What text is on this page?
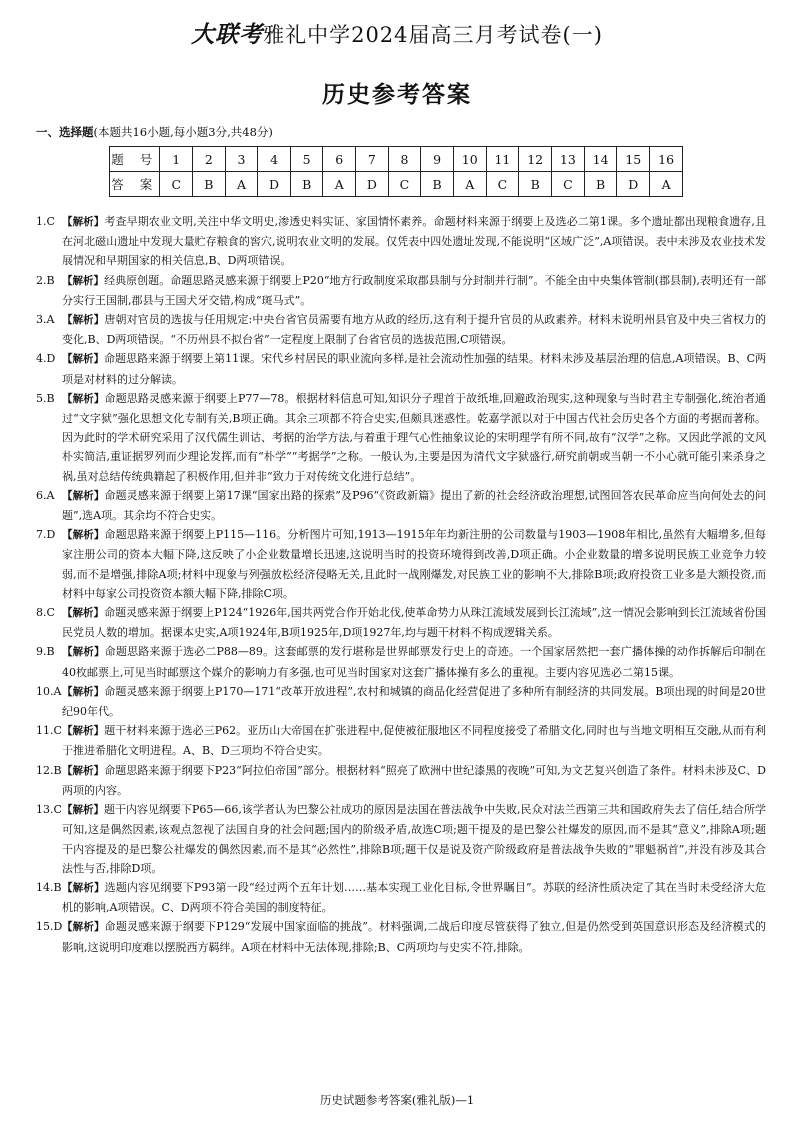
大联考雅礼中学2024届高三月考试卷(一)
历史参考答案
一、选择题(本题共16小题,每小题3分,共48分)
题 号	1	2	3	4	5	6	7	8	9	10	11	12	13	14	15	16
答 案	C	B	A	D	B	A	D	C	B	A	C	B	C	B	D	A
1.C 【解析】考查早期农业文明,关注中华文明史,渗透史料实证、家国情怀素养。命题材料来源于纲要上及选必二第1课。多个遗址都出现粮食遗存,且在河北磁山遗址中发现大量贮存粮食的窖穴,说明农业文明的发展。仅凭表中四处遗址发现,不能说明“区域广泛”,A项错误。表中未涉及农业技术发展情况和早期国家的相关信息,B、D两项错误。
2.B 【解析】经典原创题。命题思路灵感来源于纲要上P20“地方行政制度采取郡县制与分封制并行制”。不能全由中央集体管制(郡县制),表明还有一部分实行王国制,郡县与王国犬牙交错,构成“斑马式”。
3.A 【解析】唐朝对官员的选拔与任用规定:中央台省官员需要有地方从政的经历,这有利于提升官员的从政素养。材料未说明州县官及中央三省权力的变化,B、D两项错误。“不历州县不拟台省”一定程度上限制了台省官员的选拔范围,C项错误。
4.D 【解析】命题思路来源于纲要上第11课。宋代乡村居民的职业流向多样,是社会流动性加强的结果。材料未涉及基层治理的信息,A项错误。B、C两项是对材料的过分解读。
5.B 【解析】命题思路灵感来源于纲要上P77—78。根据材料信息可知,知识分子理首于故纸堆,回避政治现实,这种现象与当时君主专制强化,统治者通过“文字狱”强化思想文化专制有关,B项正确。其余三项都不符合史实,但颇具迷惑性。乾嘉学派以对于中国古代社会历史各个方面的考据而著称。因为此时的学术研究采用了汉代儒生训诂、考据的治学方法,与着重于理气心性抽象议论的宋明理学有所不同,故有“汉学”之称。又因此学派的文风朴实简洁,重证据罗列而少理论发挥,而有“朴学”“考据学”之称。一般认为,主要是因为清代文字狱盛行,研究前朝或当朝一不小心就可能引来杀身之祸,虽对总结传统典籍起了积极作用,但并非“致力于对传统文化进行总结”。
6.A 【解析】命题灵感来源于纲要上第17课“国家出路的探索”及P96“《资政新篇》提出了新的社会经济政治理想,试图回答农民革命应当向何处去的问题”,选A项。其余均不符合史实。
7.D 【解析】命题思路来源于纲要上P115—116。分析图片可知,1913—1915年年均新注册的公司数量与1903—1908年相比,虽然有大幅增多,但每家注册公司的资本大幅下降,这反映了小企业数量增长迅速,这说明当时的投资环境得到改善,D项正确。小企业数量的增多说明民族工业竞争力较弱,而不是增强,排除A项;材料中现象与列强放松经济侵略无关,且此时一战刚爆发,对民族工业的影响不大,排除B项;政府投资工业多是大额投资,而材料中每家公司投资资本额大幅下降,排除C项。
8.C 【解析】命题灵感来源于纲要上P124“1926年,国共两党合作开始北伐,使革命势力从珠江流域发展到长江流域”,这一情况会影响到长江流域省份国民党员人数的增加。据课本史实,A项1924年,B项1925年,D项1927年,均与题干材料不构成逻辑关系。
9.B 【解析】命题思路来源于选必二P88—89。这套邮票的发行堪称是世界邮票发行史上的奇迹。一个国家居然把一套广播体操的动作拆解后印制在40枚邮票上,可见当时邮票这个媒介的影响力有多强,也可见当时国家对这套广播体操有多么的重视。主要内容见选必二第15课。
10.A 【解析】命题灵感来源于纲要上P170—171“改革开放进程”,农村和城镇的商品化经营促进了多种所有制经济的共同发展。B项出现的时间是20世纪90年代。
11.C 【解析】题干材料来源于选必三P62。亚历山大帝国在扩张进程中,促使被征服地区不同程度接受了希腊文化,同时也与当地文明相互交融,从而有利于推进希腊化文明进程。A、B、D三项均不符合史实。
12.B 【解析】命题思路来源于纲要下P23“阿拉伯帝国”部分。根据材料“照亮了欧洲中世纪漆黑的夜晚”可知,为文艺复兴创造了条件。材料未涉及C、D两项的内容。
13.C 【解析】题干内容见纲要下P65—66,该学者认为巴黎公社成功的原因是法国在普法战争中失败,民众对法兰西第三共和国政府失去了信任,结合所学可知,这是偶然因素,该观点忽视了法国自身的社会问题;国内的阶级矛盾,故选C项;题干提及的是巴黎公社爆发的原因,而不是其“意义”,排除A项;题干内容提及的是巴黎公社爆发的偶然因素,而不是其“必然性”,排除B项;题干仅是说及资产阶级政府是普法战争失败的“罪魁祸首”,并没有涉及其合法性与否,排除D项。
14.B 【解析】选题内容见纲要下P93第一段“经过两个五年计划……基本实现工业化目标,令世界瞩目”。苏联的经济性质决定了其在当时未受经济大危机的影响,A项错误。C、D两项不符合美国的制度特征。
15.D 【解析】命题灵感来源于纲要下P129“发展中国家面临的挑战”。材料强调,二战后印度尽管获得了独立,但是仍然受到英国意识形态及经济模式的影响,这说明印度难以摆脱西方羁绊。A项在材料中无法体现,排除;B、C两项均与史实不符,排除。
历史试题参考答案(雅礼版)—1
